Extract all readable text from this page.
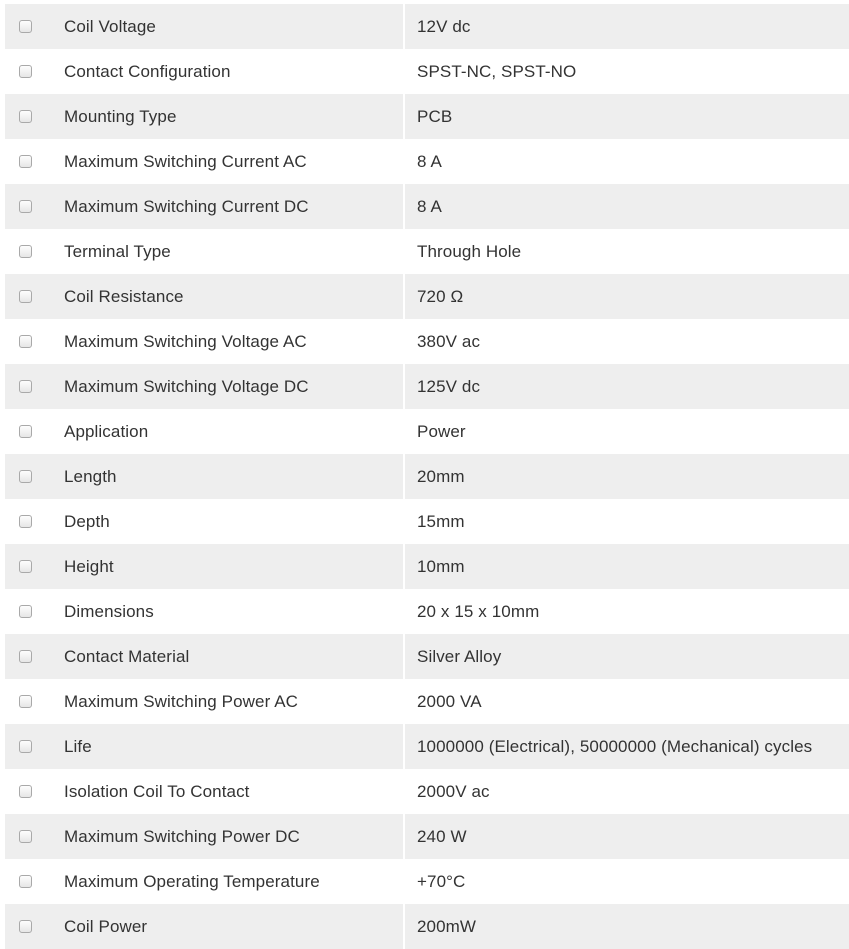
Coil Voltage	12V dc
Contact Configuration	SPST-NC, SPST-NO
Mounting Type	PCB
Maximum Switching Current AC	8 A
Maximum Switching Current DC	8 A
Terminal Type	Through Hole
Coil Resistance	720 Ω
Maximum Switching Voltage AC	380V ac
Maximum Switching Voltage DC	125V dc
Application	Power
Length	20mm
Depth	15mm
Height	10mm
Dimensions	20 x 15 x 10mm
Contact Material	Silver Alloy
Maximum Switching Power AC	2000 VA
Life	1000000 (Electrical), 50000000 (Mechanical) cycles
Isolation Coil To Contact	2000V ac
Maximum Switching Power DC	240 W
Maximum Operating Temperature	+70°C
Coil Power	200mW
